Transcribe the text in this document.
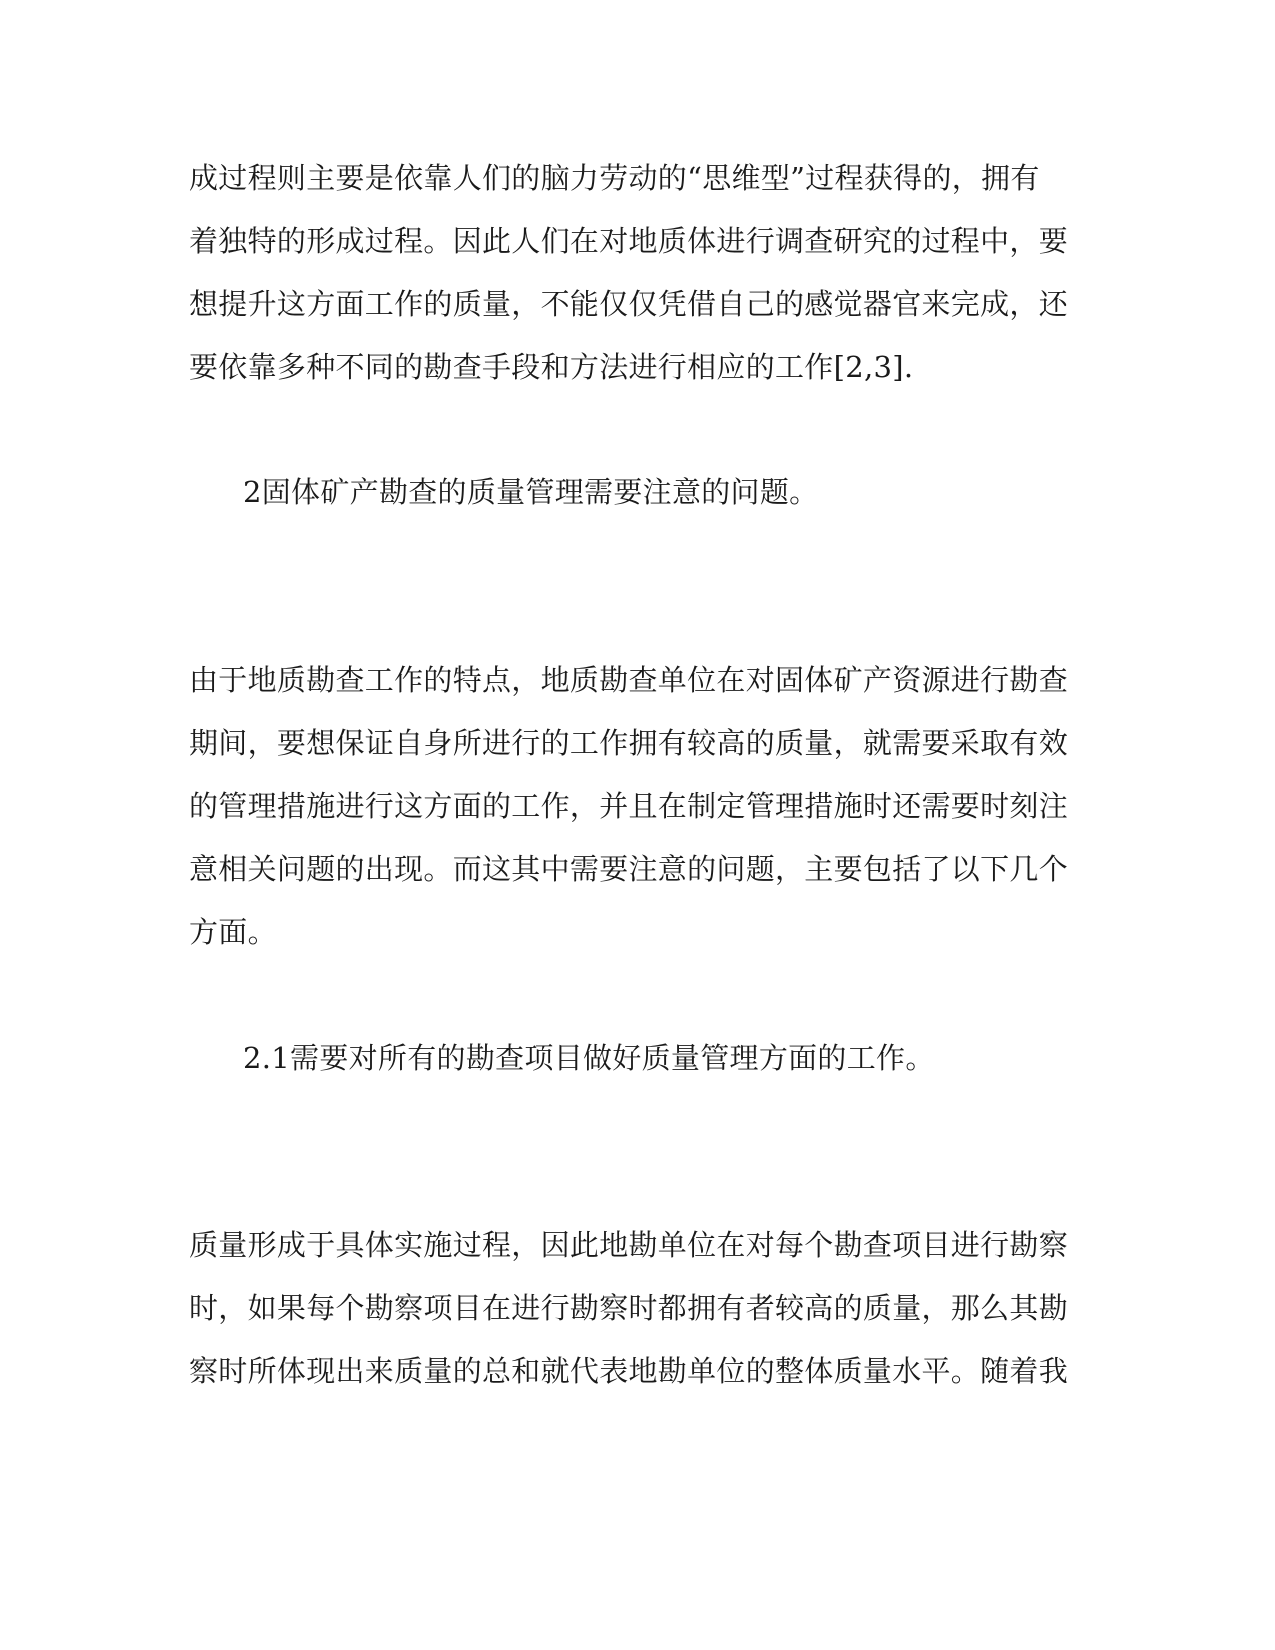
成过程则主要是依靠人们的脑力劳动的“思维型”过程获得的，拥有
着独特的形成过程。因此人们在对地质体进行调查研究的过程中，要
想提升这方面工作的质量，不能仅仅凭借自己的感觉器官来完成，还
要依靠多种不同的勘查手段和方法进行相应的工作[2,3].
2固体矿产勘查的质量管理需要注意的问题。
由于地质勘查工作的特点，地质勘查单位在对固体矿产资源进行勘查
期间，要想保证自身所进行的工作拥有较高的质量，就需要采取有效
的管理措施进行这方面的工作，并且在制定管理措施时还需要时刻注
意相关问题的出现。而这其中需要注意的问题，主要包括了以下几个
方面。
2.1需要对所有的勘查项目做好质量管理方面的工作。
质量形成于具体实施过程，因此地勘单位在对每个勘查项目进行勘察
时，如果每个勘察项目在进行勘察时都拥有者较高的质量，那么其勘
察时所体现出来质量的总和就代表地勘单位的整体质量水平。随着我
